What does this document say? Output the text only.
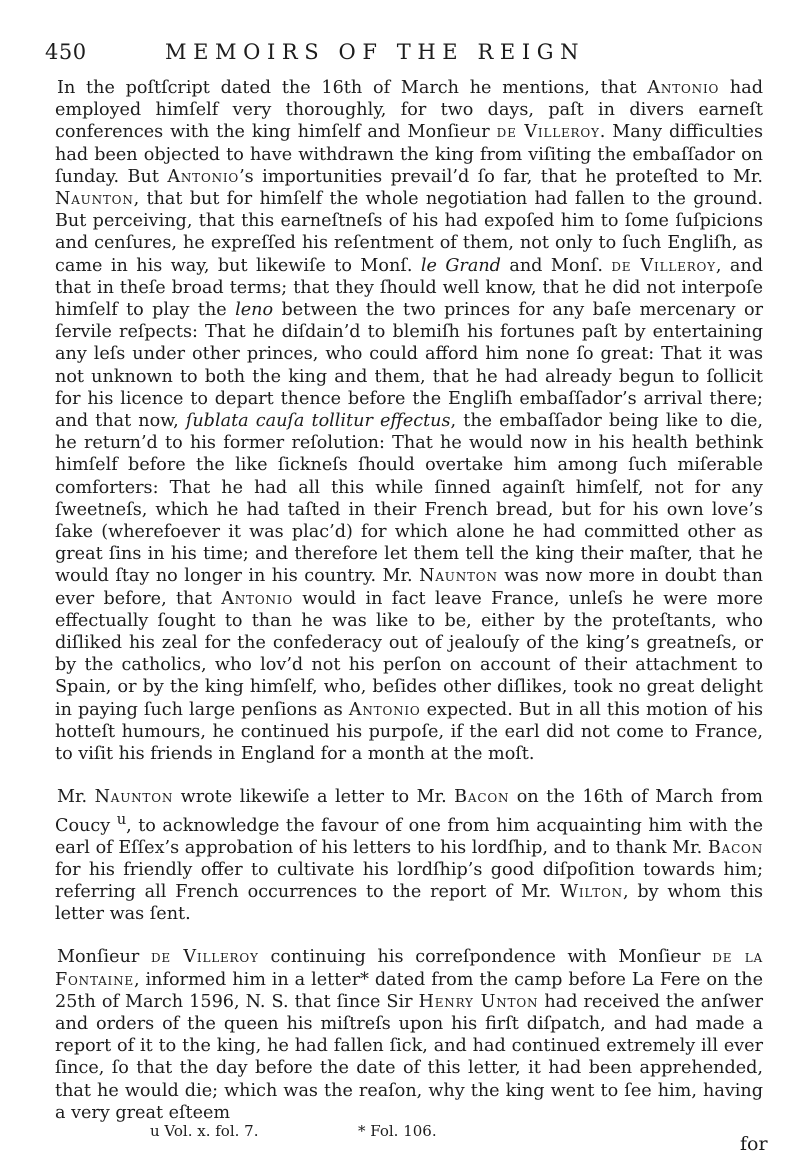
450	MEMOIRS OF THE REIGN

In the poſtſcript dated the 16th of March he mentions, that Antonio had employed himſelf very thoroughly, for two days, paſt in divers earneſt conferences with the king himſelf and Monſieur de Villeroy. Many difficulties had been objected to have withdrawn the king from viſiting the embaſſador on ſunday. But Antonio’s importunities prevail’d ſo far, that he proteſted to Mr. Naunton, that but for himſelf the whole negotiation had fallen to the ground. But perceiving, that this earneſtneſs of his had expoſed him to ſome ſuſpicions and cenſures, he expreſſed his reſentment of them, not only to ſuch Engliſh, as came in his way, but likewiſe to Monſ. le Grand and Monſ. de Villeroy, and that in theſe broad terms; that they ſhould well know, that he did not interpoſe himſelf to play the leno between the two princes for any baſe mercenary or ſervile reſpects: That he diſdain’d to blemiſh his fortunes paſt by entertaining any leſs under other princes, who could afford him none ſo great: That it was not unknown to both the king and them, that he had already begun to ſollicit for his licence to depart thence before the Engliſh embaſſador’s arrival there; and that now, ſublata cauſa tollitur effectus, the embaſſador being like to die, he return’d to his former reſolution: That he would now in his health bethink himſelf before the like ſickneſs ſhould overtake him among ſuch miſerable comforters: That he had all this while ſinned againſt himſelf, not for any ſweetneſs, which he had taſted in their French bread, but for his own love’s ſake (wherefoever it was plac’d) for which alone he had committed other as great ſins in his time; and therefore let them tell the king their maſter, that he would ſtay no longer in his country. Mr. Naunton was now more in doubt than ever before, that Antonio would in fact leave France, unleſs he were more effectually ſought to than he was like to be, either by the proteſtants, who diſliked his zeal for the confederacy out of jealouſy of the king’s greatneſs, or by the catholics, who lov’d not his perſon on account of their attachment to Spain, or by the king himſelf, who, beſides other diſlikes, took no great delight in paying ſuch large penſions as Antonio expected. But in all this motion of his hotteſt humours, he continued his purpoſe, if the earl did not come to France, to viſit his friends in England for a month at the moſt.

Mr. Naunton wrote likewiſe a letter to Mr. Bacon on the 16th of March from Coucy $^u$, to acknowledge the favour of one from him acquainting him with the earl of Eſſex’s approbation of his letters to his lordſhip, and to thank Mr. Bacon for his friendly offer to cultivate his lordſhip’s good diſpoſition towards him; referring all French occurrences to the report of Mr. Wilton, by whom this letter was ſent.

Monſieur de Villeroy continuing his correſpondence with Monſieur de la Fontaine, informed him in a letter* dated from the camp before La Fere on the 25th of March 1596, N. S. that ſince Sir Henry Unton had received the anſwer and orders of the queen his miſtreſs upon his firſt diſpatch, and had made a report of it to the king, he had fallen ſick, and had continued extremely ill ever ſince, ſo that the day before the date of this letter, it had been apprehended, that he would die; which was the reaſon, why the king went to ſee him, having a very great eſteem

u Vol. x. fol. 7.	* Fol. 106.
for
